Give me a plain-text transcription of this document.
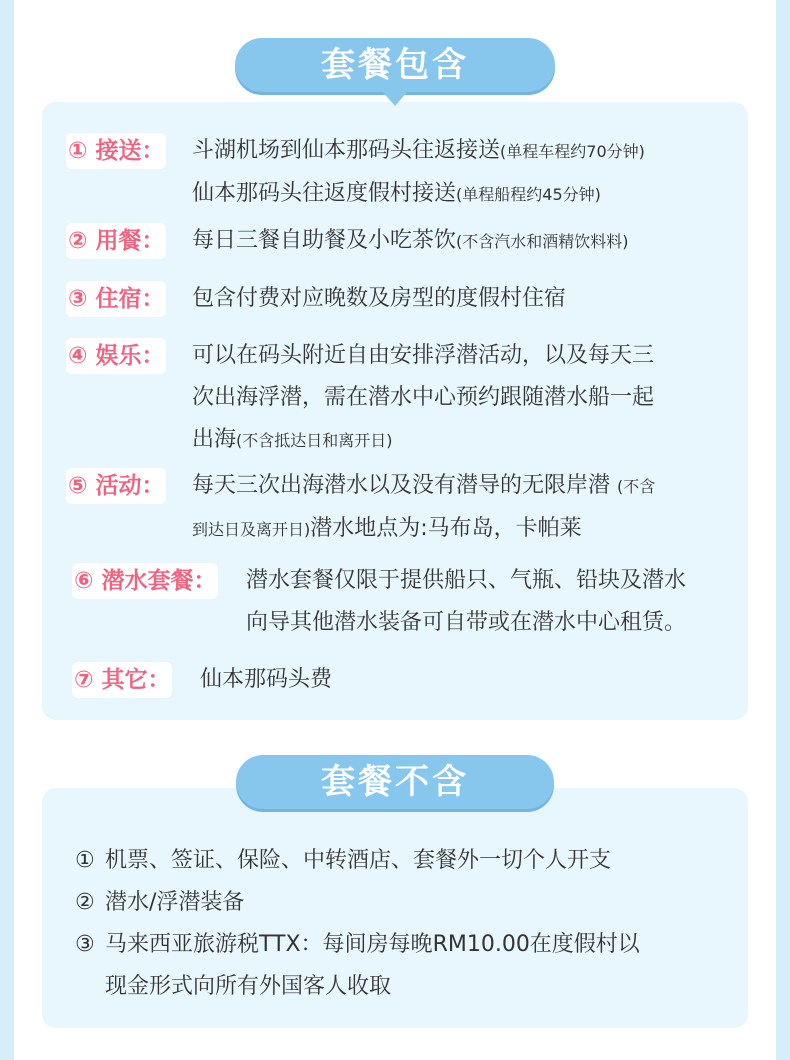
套餐包含
① 接送： 斗湖机场到仙本那码头往返接送(单程车程约70分钟)
仙本那码头往返度假村接送(单程船程约45分钟)
② 用餐： 每日三餐自助餐及小吃茶饮(不含汽水和酒精饮料料)
③ 住宿： 包含付费对应晚数及房型的度假村住宿
④ 娱乐： 可以在码头附近自由安排浮潜活动，以及每天三
次出海浮潜，需在潜水中心预约跟随潜水船一起
出海(不含抵达日和离开日)
⑤ 活动： 每天三次出海潜水以及没有潜导的无限岸潜 (不含
到达日及离开日)潜水地点为:马布岛，卡帕莱
⑥ 潜水套餐： 潜水套餐仅限于提供船只、气瓶、铅块及潜水
向导其他潜水装备可自带或在潜水中心租赁。
⑦ 其它： 仙本那码头费
套餐不含
① 机票、签证、保险、中转酒店、套餐外一切个人开支
② 潜水/浮潜装备
③ 马来西亚旅游税TTX：每间房每晚RM10.00在度假村以
现金形式向所有外国客人收取
